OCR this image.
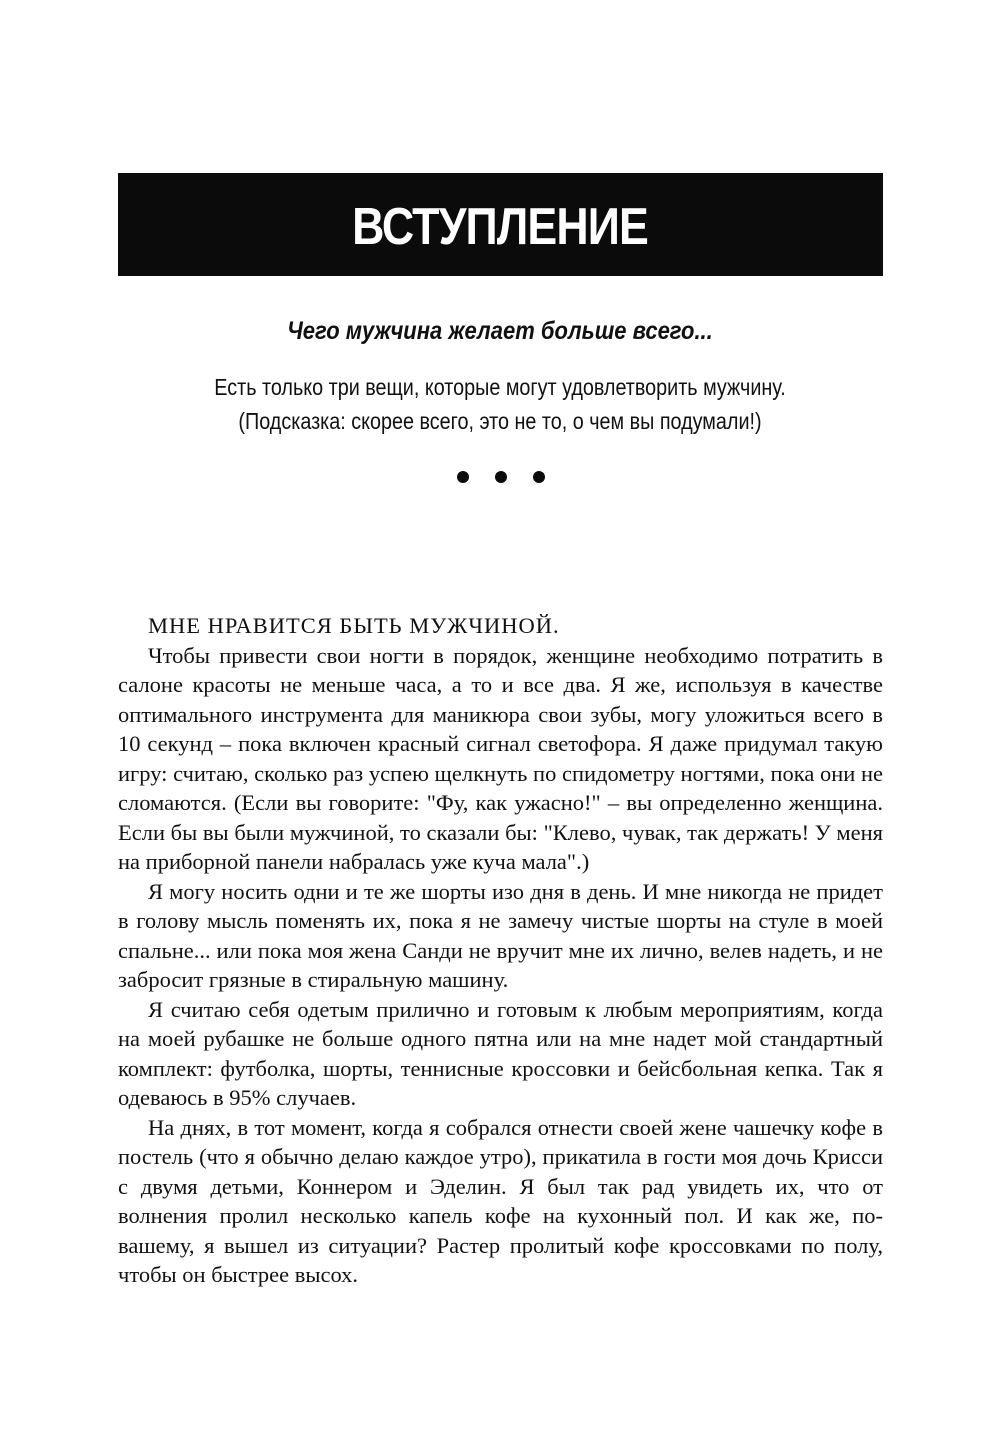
ВСТУПЛЕНИЕ
Чего мужчина желает больше всего...
Есть только три вещи, которые могут удовлетворить мужчину.
(Подсказка: скорее всего, это не то, о чем вы подумали!)

МНЕ НРАВИТСЯ БЫТЬ МУЖЧИНОЙ.

Чтобы привести свои ногти в порядок, женщине необходимо потратить в салоне красоты не меньше часа, а то и все два. Я же, используя в качестве оптимального инструмента для маникюра свои зубы, могу уложиться всего в 10 секунд – пока включен красный сигнал светофора. Я даже придумал такую игру: считаю, сколько раз успею щелкнуть по спидометру ногтями, пока они не сломаются. (Если вы говорите: "Фу, как ужасно!" – вы определенно женщина. Если бы вы были мужчиной, то сказали бы: "Клево, чувак, так держать! У меня на приборной панели набралась уже куча мала".)

Я могу носить одни и те же шорты изо дня в день. И мне никогда не придет в голову мысль поменять их, пока я не замечу чистые шорты на стуле в моей спальне... или пока моя жена Санди не вручит мне их лично, велев надеть, и не забросит грязные в стиральную машину.

Я считаю себя одетым прилично и готовым к любым мероприятиям, когда на моей рубашке не больше одного пятна или на мне надет мой стандартный комплект: футболка, шорты, теннисные кроссовки и бейсбольная кепка. Так я одеваюсь в 95% случаев.

На днях, в тот момент, когда я собрался отнести своей жене чашечку кофе в постель (что я обычно делаю каждое утро), прикатила в гости моя дочь Крисси с двумя детьми, Коннером и Эделин. Я был так рад увидеть их, что от волнения пролил несколько капель кофе на кухонный пол. И как же, по-вашему, я вышел из ситуации? Растер пролитый кофе кроссовками по полу, чтобы он быстрее высох.
